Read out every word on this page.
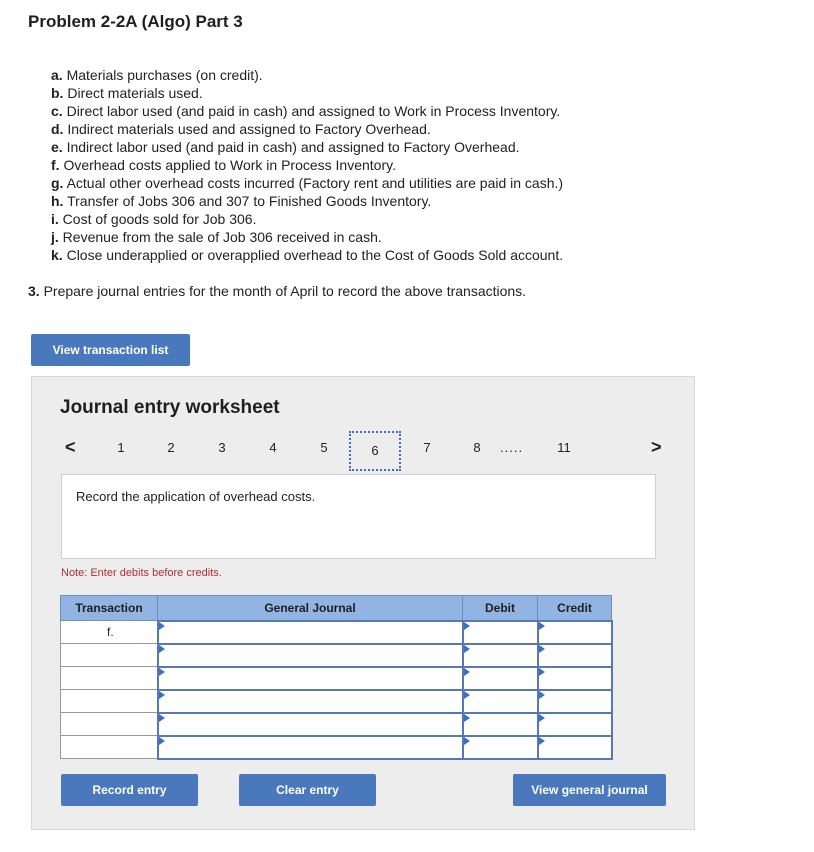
Problem 2-2A (Algo) Part 3
a. Materials purchases (on credit).
b. Direct materials used.
c. Direct labor used (and paid in cash) and assigned to Work in Process Inventory.
d. Indirect materials used and assigned to Factory Overhead.
e. Indirect labor used (and paid in cash) and assigned to Factory Overhead.
f. Overhead costs applied to Work in Process Inventory.
g. Actual other overhead costs incurred (Factory rent and utilities are paid in cash.)
h. Transfer of Jobs 306 and 307 to Finished Goods Inventory.
i. Cost of goods sold for Job 306.
j. Revenue from the sale of Job 306 received in cash.
k. Close underapplied or overapplied overhead to the Cost of Goods Sold account.
3. Prepare journal entries for the month of April to record the above transactions.
View transaction list
Journal entry worksheet
<	1	2	3	4	5	6	7	8	.....	11	>
Record the application of overhead costs.
Note: Enter debits before credits.
Transaction	General Journal	Debit	Credit

f.			

Record entry	Clear entry	View general journal
